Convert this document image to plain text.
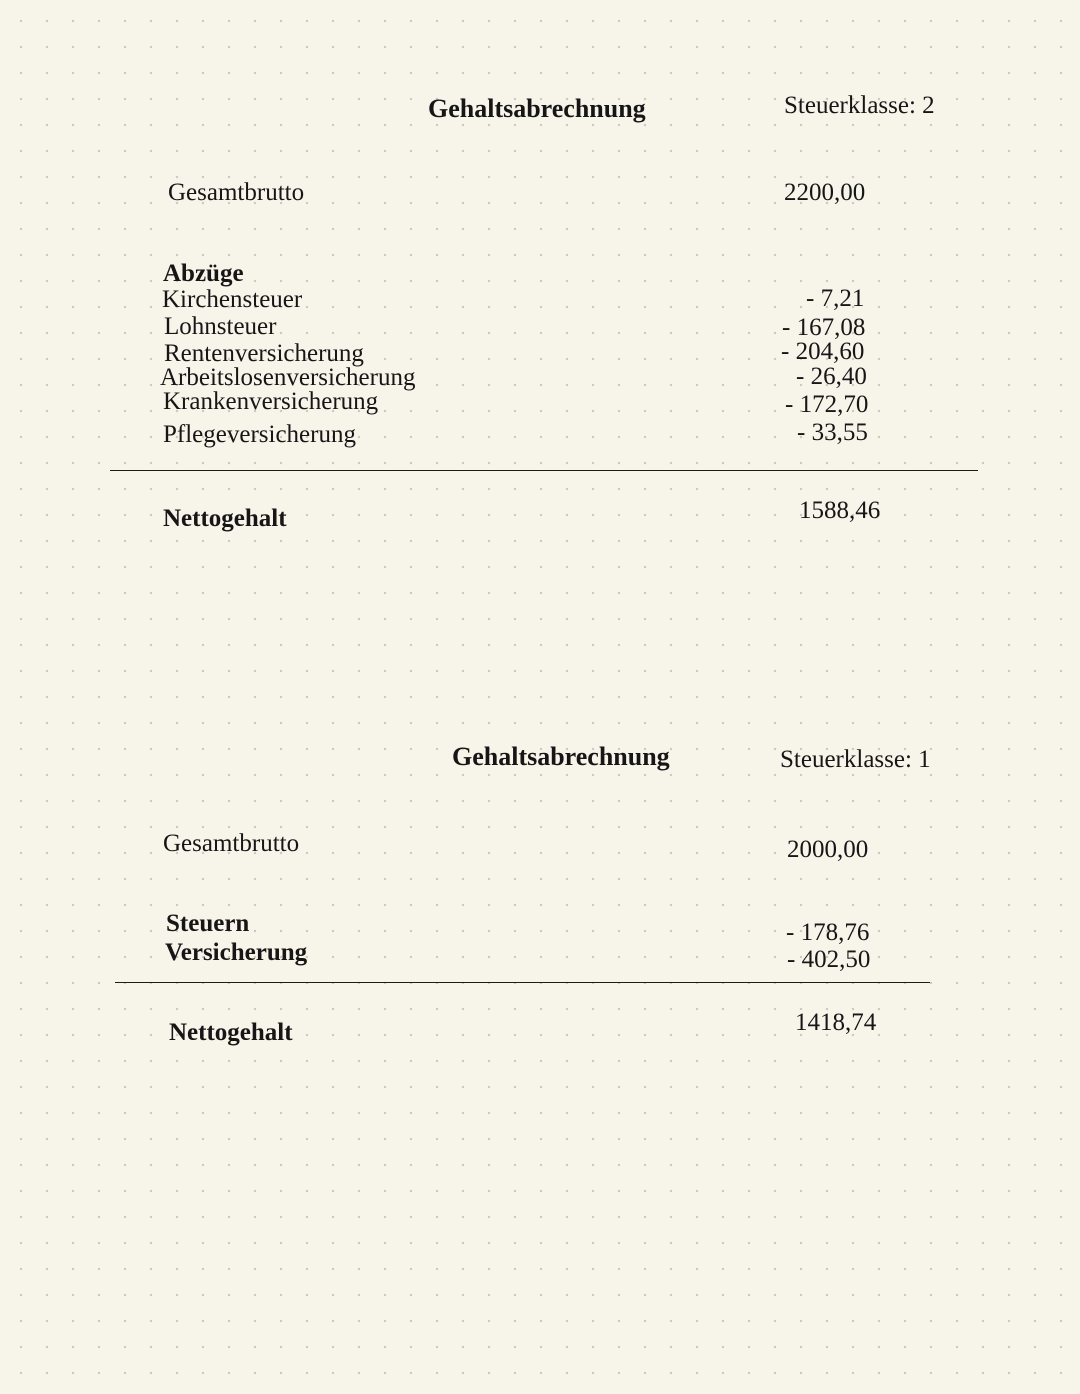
Gehaltsabrechnung	Steuerklasse: 2
Gesamtbrutto	2200,00
Abzüge
Kirchensteuer	- 7,21
Lohnsteuer	- 167,08
Rentenversicherung	- 204,60
Arbeitslosenversicherung	- 26,40
Krankenversicherung	- 172,70
Pflegeversicherung	- 33,55
Nettogehalt	1588,46
Gehaltsabrechnung	Steuerklasse: 1
Gesamtbrutto	2000,00
Steuern	- 178,76
Versicherung	- 402,50
Nettogehalt	1418,74
